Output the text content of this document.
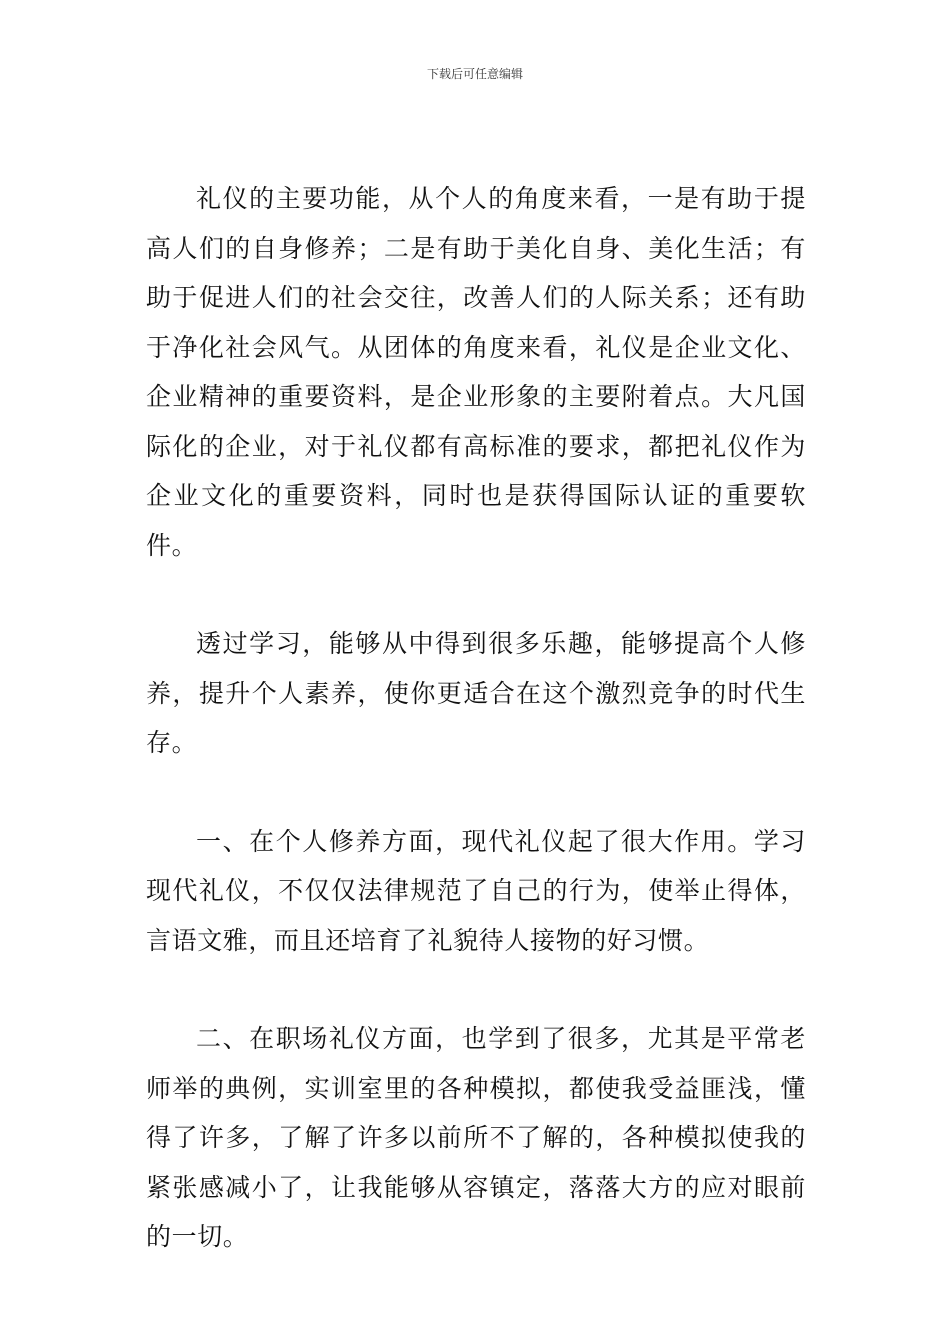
下载后可任意编辑

礼仪的主要功能，从个人的角度来看，一是有助于提高人们的自身修养；二是有助于美化自身、美化生活；有助于促进人们的社会交往，改善人们的人际关系；还有助于净化社会风气。从团体的角度来看，礼仪是企业文化、企业精神的重要资料，是企业形象的主要附着点。大凡国际化的企业，对于礼仪都有高标准的要求，都把礼仪作为企业文化的重要资料，同时也是获得国际认证的重要软件。

透过学习，能够从中得到很多乐趣，能够提高个人修养，提升个人素养，使你更适合在这个激烈竞争的时代生存。

一、在个人修养方面，现代礼仪起了很大作用。学习现代礼仪，不仅仅法律规范了自己的行为，使举止得体，言语文雅，而且还培育了礼貌待人接物的好习惯。

二、在职场礼仪方面，也学到了很多，尤其是平常老师举的典例，实训室里的各种模拟，都使我受益匪浅，懂得了许多，了解了许多以前所不了解的，各种模拟使我的紧张感减小了，让我能够从容镇定，落落大方的应对眼前的一切。
